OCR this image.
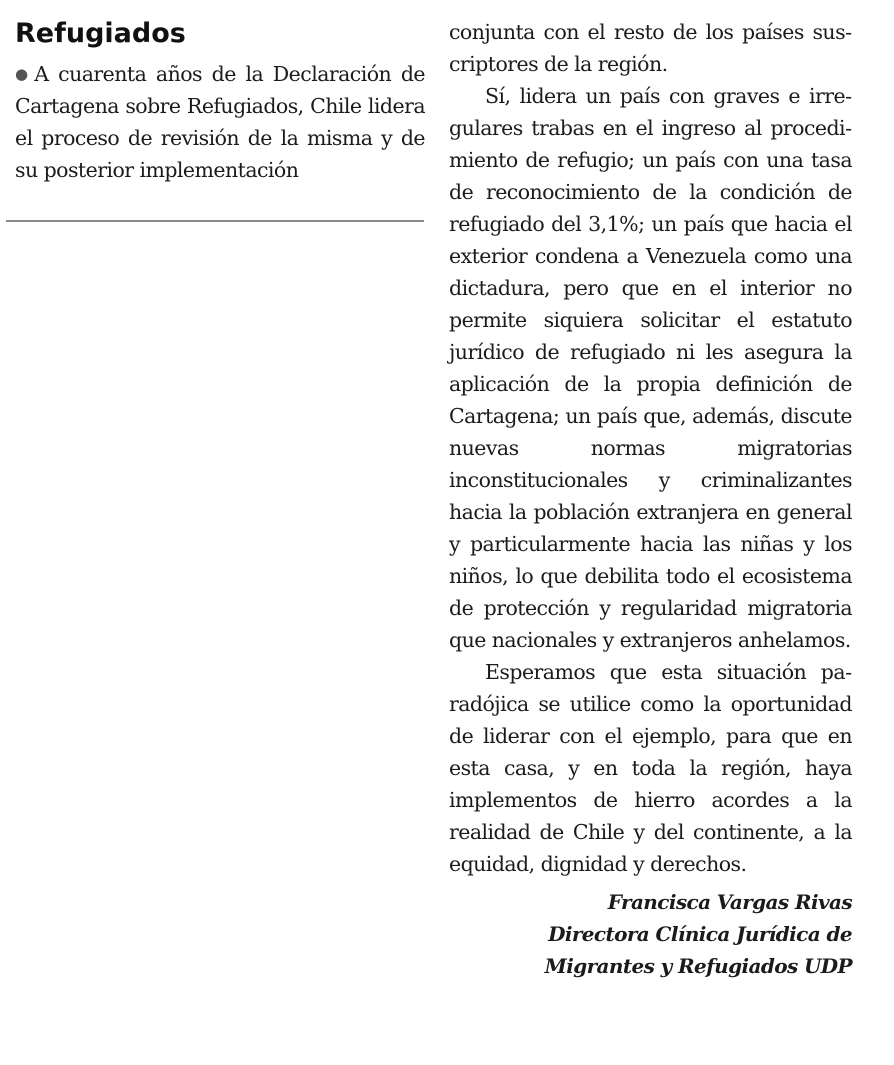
Refugiados

● A cuarenta años de la Declaración de Cartagena sobre Refugiados, Chile lidera el proceso de revisión de la misma y de su posterior implementación

conjunta con el resto de los países suscriptores de la región.

Sí, lidera un país con graves e irregulares trabas en el ingreso al procedimiento de refugio; un país con una tasa de reconocimiento de la condición de refugiado del 3,1%; un país que hacia el exterior condena a Venezuela como una dictadura, pero que en el interior no permite siquiera solicitar el estatuto jurídico de refugiado ni les asegura la aplicación de la propia definición de Cartagena; un país que, además, discute nuevas normas migratorias inconstitucionales y criminalizantes hacia la población extranjera en general y particularmente hacia las niñas y los niños, lo que debilita todo el ecosistema de protección y regularidad migratoria que nacionales y extranjeros anhelamos.

Esperamos que esta situación paradójica se utilice como la oportunidad de liderar con el ejemplo, para que en esta casa, y en toda la región, haya implementos de hierro acordes a la realidad de Chile y del continente, a la equidad, dignidad y derechos.

Francisca Vargas Rivas
Directora Clínica Jurídica de
Migrantes y Refugiados UDP
